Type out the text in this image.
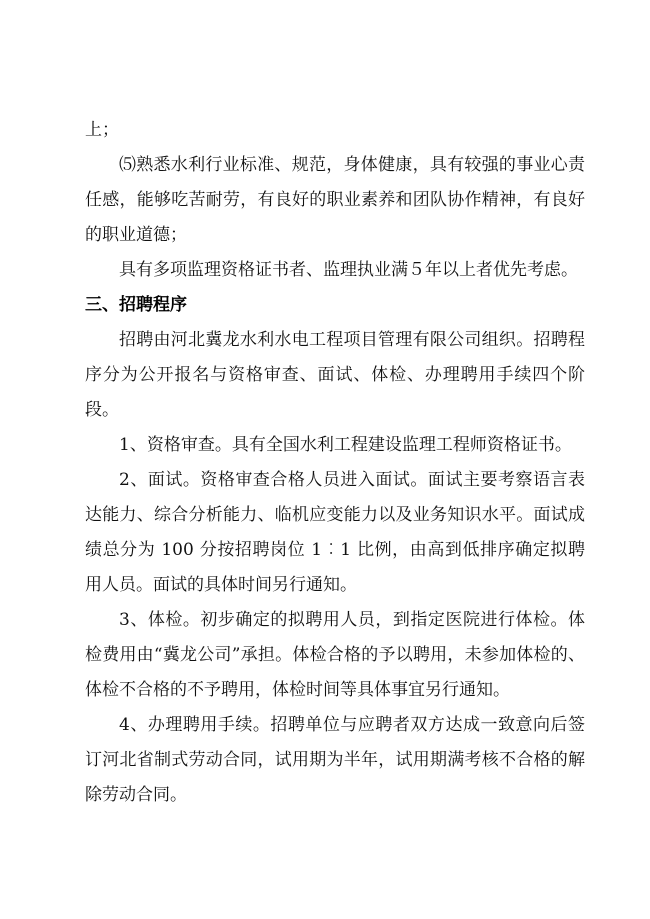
上；

⑸熟悉水利行业标准、规范，身体健康，具有较强的事业心责任感，能够吃苦耐劳，有良好的职业素养和团队协作精神，有良好的职业道德；

具有多项监理资格证书者、监理执业满５年以上者优先考虑。

三、招聘程序

招聘由河北冀龙水利水电工程项目管理有限公司组织。招聘程序分为公开报名与资格审查、面试、体检、办理聘用手续四个阶段。

1、资格审查。具有全国水利工程建设监理工程师资格证书。

2、面试。资格审查合格人员进入面试。面试主要考察语言表达能力、综合分析能力、临机应变能力以及业务知识水平。面试成绩总分为 100 分按招聘岗位 1︰1 比例，由高到低排序确定拟聘用人员。面试的具体时间另行通知。

3、体检。初步确定的拟聘用人员，到指定医院进行体检。体检费用由“冀龙公司”承担。体检合格的予以聘用，未参加体检的、体检不合格的不予聘用，体检时间等具体事宜另行通知。

4、办理聘用手续。招聘单位与应聘者双方达成一致意向后签订河北省制式劳动合同，试用期为半年，试用期满考核不合格的解除劳动合同。
